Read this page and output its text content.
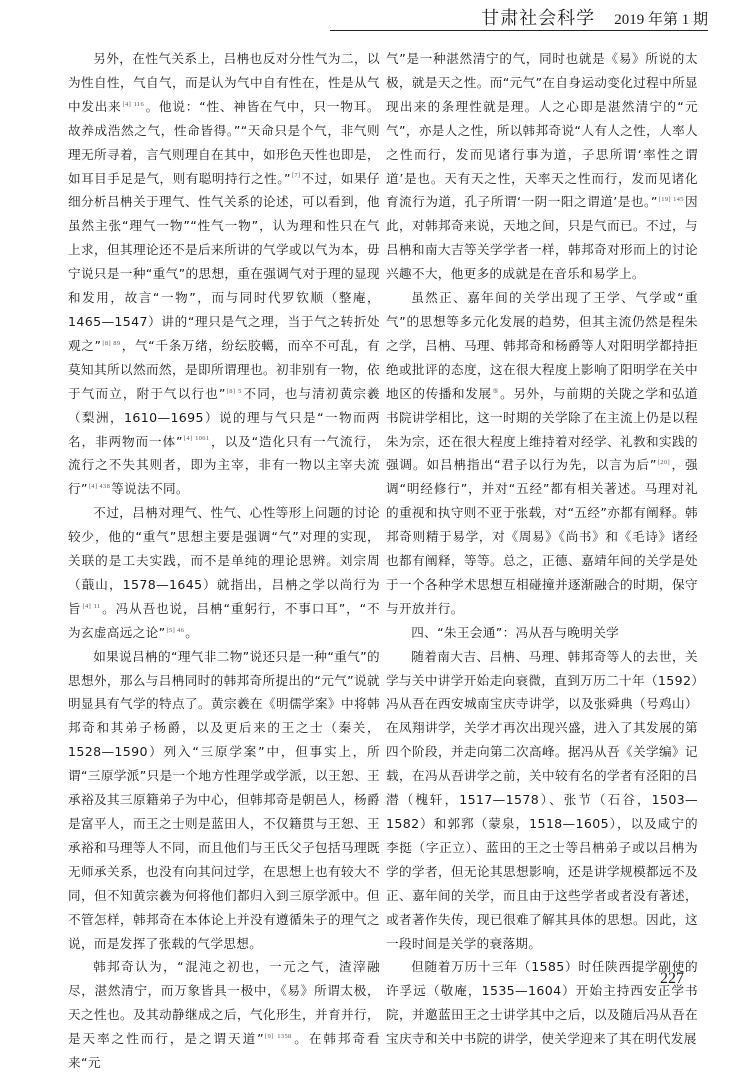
甘肃社会科学 2019 年第 1 期

另外，在性气关系上，吕柟也反对分性气为二，以为性自性，气自气，而是认为气中自有性在，性是从气中发出来$^{[4] 116}$。他说：“性、神皆在气中，只一物耳。故养成浩然之气，性命皆得。”“天命只是个气，非气则理无所寻着，言气则理自在其中，如形色天性也即是，如耳目手足是气，则有聪明持行之性。”[7]不过，如果仔细分析吕柟关于理气、性气关系的论述，可以看到，他虽然主张“理气一物”“性气一物”，认为理和性只在气上求，但其理论还不是后来所讲的气学或以气为本，毋宁说只是一种“重气”的思想，重在强调气对于理的显现和发用，故言“一物”，而与同时代罗钦顺（整庵，1465—1547）讲的“理只是气之理，当于气之转折处观之”$^{[8] 89}$，气“千条万绪，纷纭胶轕，而卒不可乱，有莫知其所以然而然，是即所谓理也。初非别有一物，依于气而立，附于气以行也”$^{[8] 5}$不同，也与清初黄宗羲（梨洲，1610—1695）说的理与气只是“一物而两名，非两物而一体”$^{[4] 1061}$，以及“造化只有一气流行，流行之不失其则者，即为主宰，非有一物以主宰夫流行”$^{[4] 438}$等说法不同。

不过，吕柟对理气、性气、心性等形上问题的讨论较少，他的“重气”思想主要是强调“气”对理的实现，关联的是工夫实践，而不是单纯的理论思辨。刘宗周（蕺山，1578—1645）就指出，吕柟之学以尚行为旨$^{[4] 11}$。冯从吾也说，吕柟“重躬行，不事口耳”，“不为玄虚高远之论”$^{[5] 46}$。

如果说吕柟的“理气非二物”说还只是一种“重气”的思想外，那么与吕柟同时的韩邦奇所提出的“元气”说就明显具有气学的特点了。黄宗羲在《明儒学案》中将韩邦奇和其弟子杨爵，以及更后来的王之士（秦关，1528—1590）列入“三原学案”中，但事实上，所谓“三原学派”只是一个地方性理学或学派，以王恕、王承裕及其三原籍弟子为中心，但韩邦奇是朝邑人，杨爵是富平人，而王之士则是蓝田人，不仅籍贯与王恕、王承裕和马理等人不同，而且他们与王氏父子包括马理既无师承关系，也没有向其问过学，在思想上也有较大不同，但不知黄宗羲为何将他们都归入到三原学派中。但不管怎样，韩邦奇在本体论上并没有遵循朱子的理气之说，而是发挥了张载的气学思想。

韩邦奇认为，“混沌之初也，一元之气，渣滓融尽，湛然清宁，而万象皆具一极中，《易》所谓太极，天之性也。及其动静继成之后，气化形生，并育并行，是天率之性而行，是之谓天道”$^{[9] 1358}$。在韩邦奇看来“元

气”是一种湛然清宁的气，同时也就是《易》所说的太极，就是天之性。而“元气”在自身运动变化过程中所显现出来的条理性就是理。人之心即是湛然清宁的“元气”，亦是人之性，所以韩邦奇说“人有人之性，人率人之性而行，发而见诸行事为道，子思所谓‘率性之谓道’是也。天有天之性，天率天之性而行，发而见诸化育流行为道，孔子所谓‘一阴一阳之谓道’是也。”$^{[19] 145}$因此，对韩邦奇来说，天地之间，只是气而已。不过，与吕柟和南大吉等关学学者一样，韩邦奇对形而上的讨论兴趣不大，他更多的成就是在音乐和易学上。

虽然正、嘉年间的关学出现了王学、气学或“重气”的思想等多元化发展的趋势，但其主流仍然是程朱之学，吕柟、马理、韩邦奇和杨爵等人对阳明学都持拒绝或批评的态度，这在很大程度上影响了阳明学在关中地区的传播和发展⑤。另外，与前期的关陇之学和弘道书院讲学相比，这一时期的关学除了在主流上仍是以程朱为宗，还在很大程度上维持着对经学、礼教和实践的强调。如吕柟指出“君子以行为先，以言为后”[20]，强调“明经修行”，并对“五经”都有相关著述。马理对礼的重视和执守则不亚于张载，对“五经”亦都有阐释。韩邦奇则精于易学，对《周易》《尚书》和《毛诗》诸经也都有阐释，等等。总之，正德、嘉靖年间的关学是处于一个各种学术思想互相碰撞并逐渐融合的时期，保守与开放并行。

四、“朱王会通”：冯从吾与晚明关学

随着南大吉、吕柟、马理、韩邦奇等人的去世，关学与关中讲学开始走向衰微，直到万历二十年（1592）冯从吾在西安城南宝庆寺讲学，以及张舜典（号鸡山）在凤翔讲学，关学才再次出现兴盛，进入了其发展的第四个阶段，并走向第二次高峰。据冯从吾《关学编》记载，在冯从吾讲学之前，关中较有名的学者有泾阳的吕潜（槐轩，1517—1578）、张节（石谷，1503—1582）和郭郛（蒙泉，1518—1605），以及咸宁的李挺（字正立）、蓝田的王之士等吕柟弟子或以吕柟为学的学者，但无论其思想影响，还是讲学规模都远不及正、嘉年间的关学，而且由于这些学者或者没有著述，或者著作失传，现已很难了解其具体的思想。因此，这一段时间是关学的衰落期。

但随着万历十三年（1585）时任陕西提学副使的许孚远（敬庵，1535—1604）开始主持西安正学书院，并邀蓝田王之士讲学其中之后，以及随后冯从吾在宝庆寺和关中书院的讲学，使关学迎来了其在明代发展

227
